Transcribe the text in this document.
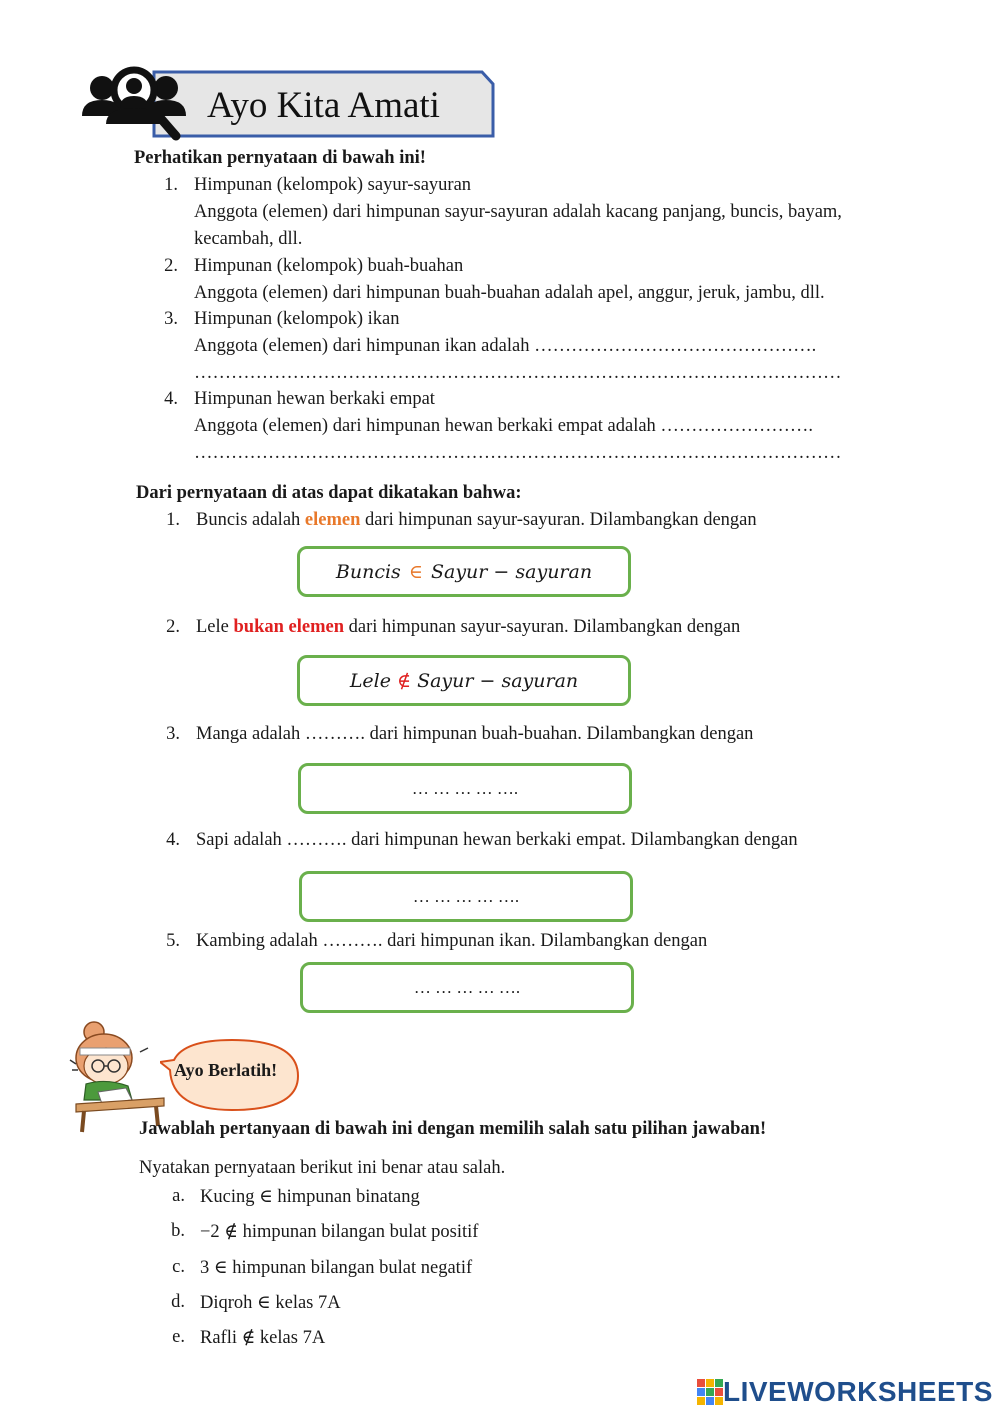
Ayo Kita Amati
Perhatikan pernyataan di bawah ini!
1. Himpunan (kelompok) sayur-sayuran
Anggota (elemen) dari himpunan sayur-sayuran adalah kacang panjang, buncis, bayam,
kecambah, dll.
2. Himpunan (kelompok) buah-buahan
Anggota (elemen) dari himpunan buah-buahan adalah apel, anggur, jeruk, jambu, dll.
3. Himpunan (kelompok) ikan
Anggota (elemen) dari himpunan ikan adalah ……………………………………….
……………………………………………………………………………………………
4. Himpunan hewan berkaki empat
Anggota (elemen) dari himpunan hewan berkaki empat adalah …………………….
……………………………………………………………………………………………
Dari pernyataan di atas dapat dikatakan bahwa:
1. Buncis adalah elemen dari himpunan sayur-sayuran. Dilambangkan dengan
Buncis
∈
Sayur − sayuran
2. Lele bukan elemen dari himpunan sayur-sayuran. Dilambangkan dengan
Lele ∉ Sayur − sayuran
3. Manga adalah ………. dari himpunan buah-buahan. Dilambangkan dengan
… … … … ….
4. Sapi adalah ………. dari himpunan hewan berkaki empat. Dilambangkan dengan
… … … … ….
5. Kambing adalah ………. dari himpunan ikan. Dilambangkan dengan
… … … … ….
Ayo Berlatih!
Jawablah pertanyaan di bawah ini dengan memilih salah satu pilihan jawaban!
Nyatakan pernyataan berikut ini benar atau salah.
a. Kucing ∈ himpunan binatang
b. −2 ∉ himpunan bilangan bulat positif
c. 3 ∈ himpunan bilangan bulat negatif
d. Diqroh ∈ kelas 7A
e. Rafli ∉ kelas 7A
LIVEWORKSHEETS
